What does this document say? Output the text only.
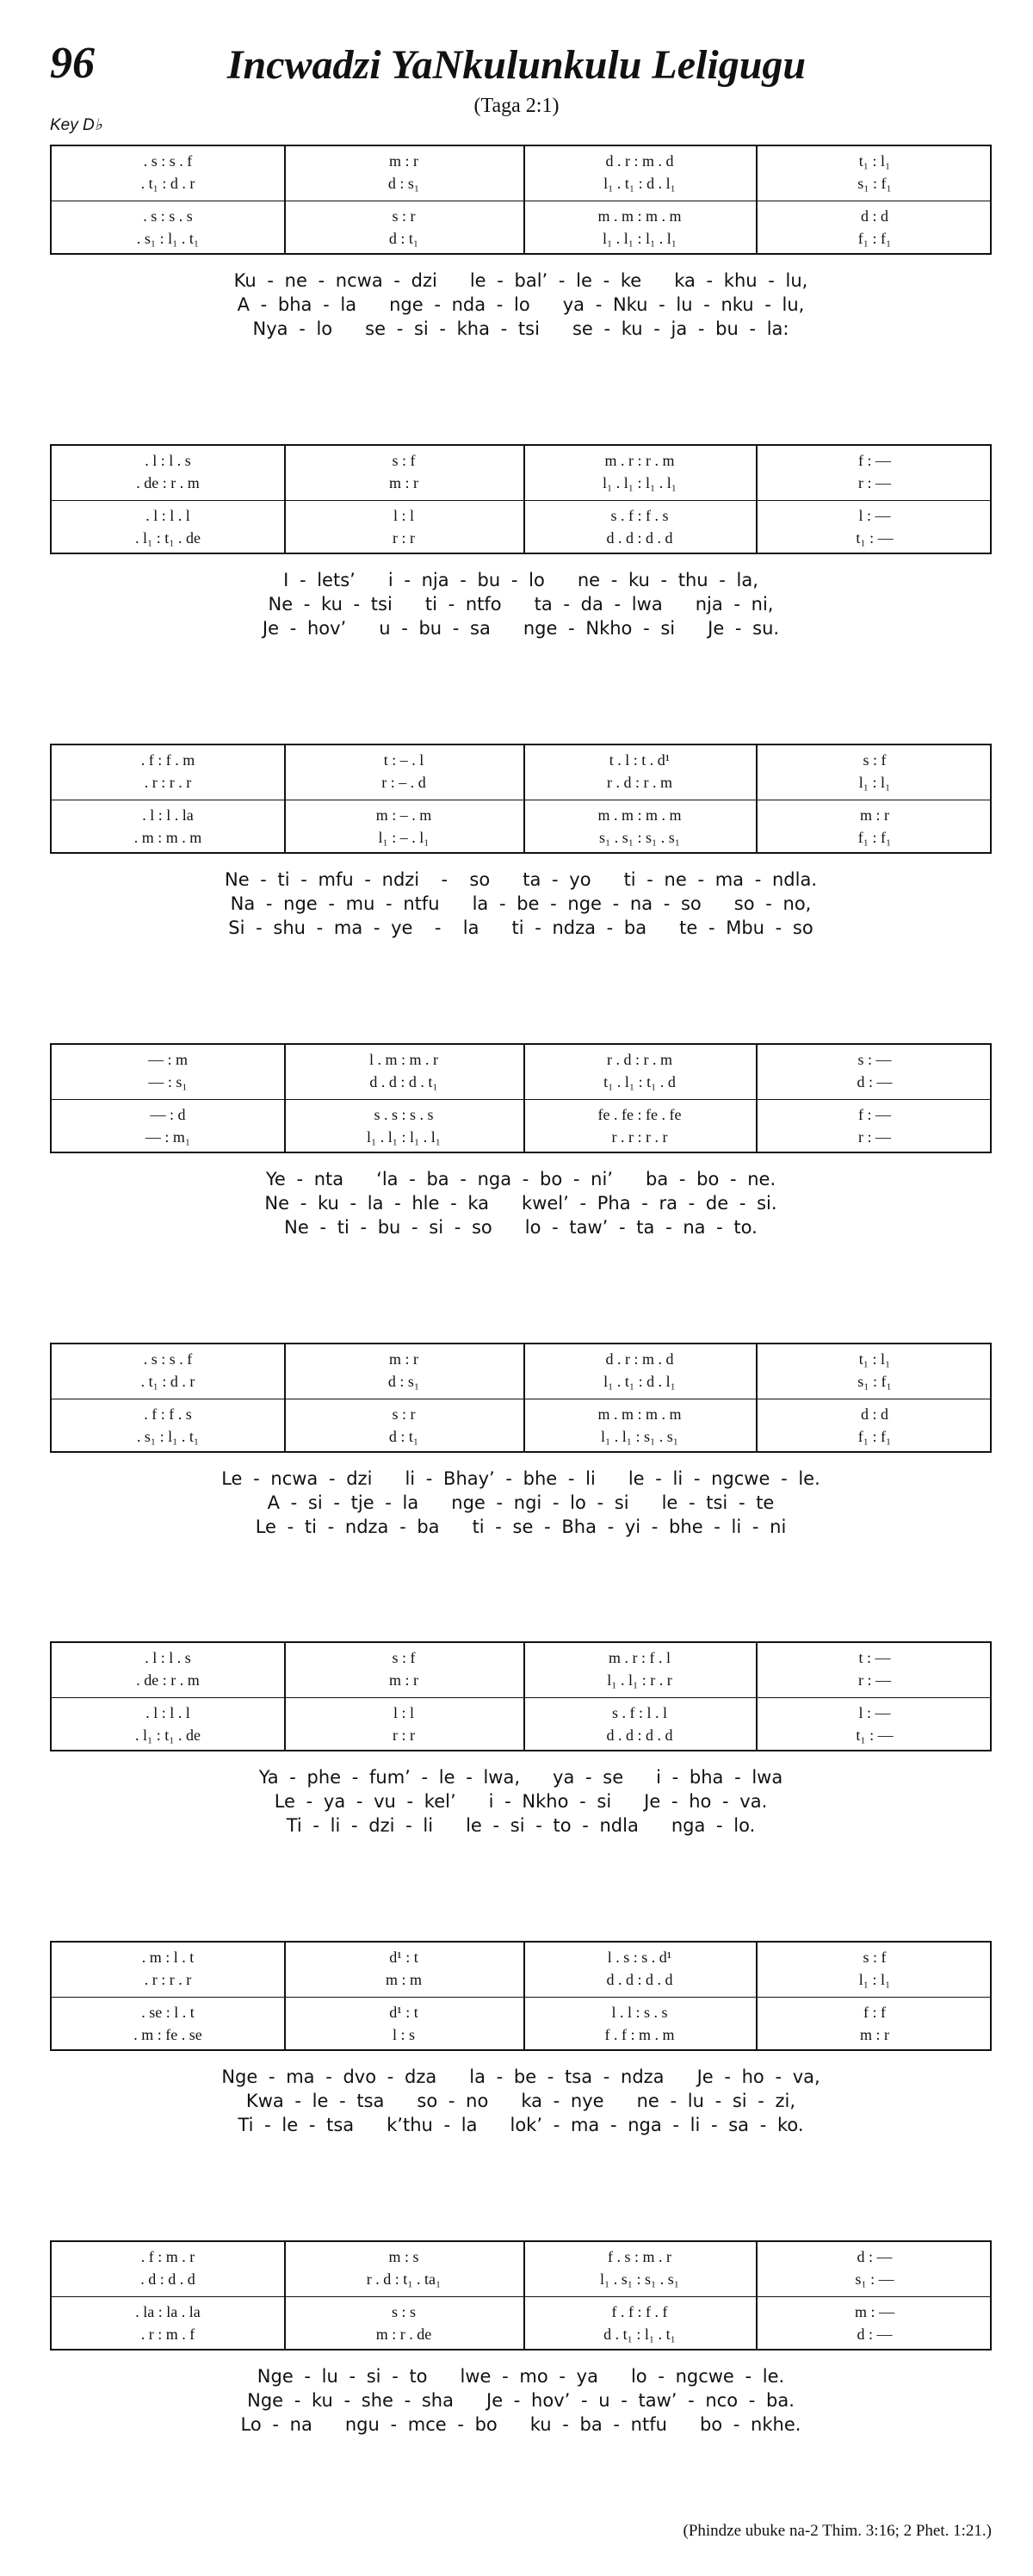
96	Incwadzi YaNkulunkulu Leligugu
(Taga 2:1)
Key D♭
. s : s . f	m : r	d . r : m . d	t₁ : l₁
. t₁ : d . r	d : s₁	l₁ . t₁ : d . l₁	s₁ : f₁
. s : s . s	s : r	m . m : m . m	d : d
. s₁ : l₁ . t₁	d : t₁	l₁ . l₁ : l₁ . l₁	f₁ : f₁
Ku - ne - ncwa - dzi   le - bal’ - le - ke   ka - khu - lu,
A - bha - la   nge - nda - lo   ya - Nku - lu - nku - lu,
Nya - lo   se - si - kha - tsi   se - ku - ja - bu - la:
. l : l . s	s : f	m . r : r . m	f : —
. de : r . m	m : r	l₁ . l₁ : l₁ . l₁	r : —
. l : l . l	l : l	s . f : f . s	l : —
. l₁ : t₁ . de	r : r	d . d : d . d	t₁ : —
I - lets’   i - nja - bu - lo   ne - ku - thu - la,
Ne - ku - tsi   ti - ntfo   ta - da - lwa   nja - ni,
Je - hov’   u - bu - sa   nge - Nkho - si   Je - su.
. f : f . m	t : – . l	t . l : t . d¹	s : f
. r : r . r	r : – . d	r . d : r . m	l₁ : l₁
. l : l . la	m : – . m	m . m : m . m	m : r
. m : m . m	l₁ : – . l₁	s₁ . s₁ : s₁ . s₁	f₁ : f₁
Ne - ti - mfu - ndzi  -  so   ta - yo   ti - ne - ma - ndla.
Na - nge - mu - ntfu   la - be - nge - na - so   so - no,
Si - shu - ma - ye  -  la   ti - ndza - ba   te - Mbu - so
— : m	l . m : m . r	r . d : r . m	s : —
— : s₁	d . d : d . t₁	t₁ . l₁ : t₁ . d	d : —
— : d	s . s : s . s	fe . fe : fe . fe	f : —
— : m₁	l₁ . l₁ : l₁ . l₁	r . r : r . r	r : —
Ye - nta   ‘la - ba - nga - bo - ni’   ba - bo - ne.
Ne - ku - la - hle - ka   kwel’ - Pha - ra - de - si.
Ne - ti - bu - si - so   lo - taw’ - ta - na - to.
. s : s . f	m : r	d . r : m . d	t₁ : l₁
. t₁ : d . r	d : s₁	l₁ . t₁ : d . l₁	s₁ : f₁
. f : f . s	s : r	m . m : m . m	d : d
. s₁ : l₁ . t₁	d : t₁	l₁ . l₁ : s₁ . s₁	f₁ : f₁
Le - ncwa - dzi   li - Bhay’ - bhe - li   le - li - ngcwe - le.
A - si - tje - la   nge - ngi - lo - si   le - tsi - te
Le - ti - ndza - ba   ti - se - Bha - yi - bhe - li - ni
. l : l . s	s : f	m . r : f . l	t : —
. de : r . m	m : r	l₁ . l₁ : r . r	r : —
. l : l . l	l : l	s . f : l . l	l : —
. l₁ : t₁ . de	r : r	d . d : d . d	t₁ : —
Ya - phe - fum’ - le - lwa,   ya - se   i - bha - lwa
Le - ya - vu - kel’   i - Nkho - si   Je - ho - va.
Ti - li - dzi - li   le - si - to - ndla   nga - lo.
. m : l . t	d¹ : t	l . s : s . d¹	s : f
. r : r . r	m : m	d . d : d . d	l₁ : l₁
. se : l . t	d¹ : t	l . l : s . s	f : f
. m : fe . se	l : s	f . f : m . m	m : r
Nge - ma - dvo - dza   la - be - tsa - ndza   Je - ho - va,
Kwa - le - tsa   so - no   ka - nye   ne - lu - si - zi,
Ti - le - tsa   k’thu - la   lok’ - ma - nga - li - sa - ko.
. f : m . r	m : s	f . s : m . r	d : —
. d : d . d	r . d : t₁ . ta₁	l₁ . s₁ : s₁ . s₁	s₁ : —
. la : la . la	s : s	f . f : f . f	m : —
. r : m . f	m : r . de	d . t₁ : l₁ . t₁	d : —
Nge - lu - si - to   lwe - mo - ya   lo - ngcwe - le.
Nge - ku - she - sha   Je - hov’ - u - taw’ - nco - ba.
Lo - na   ngu - mce - bo   ku - ba - ntfu   bo - nkhe.
(Phindze ubuke na-2 Thim. 3:16; 2 Phet. 1:21.)
